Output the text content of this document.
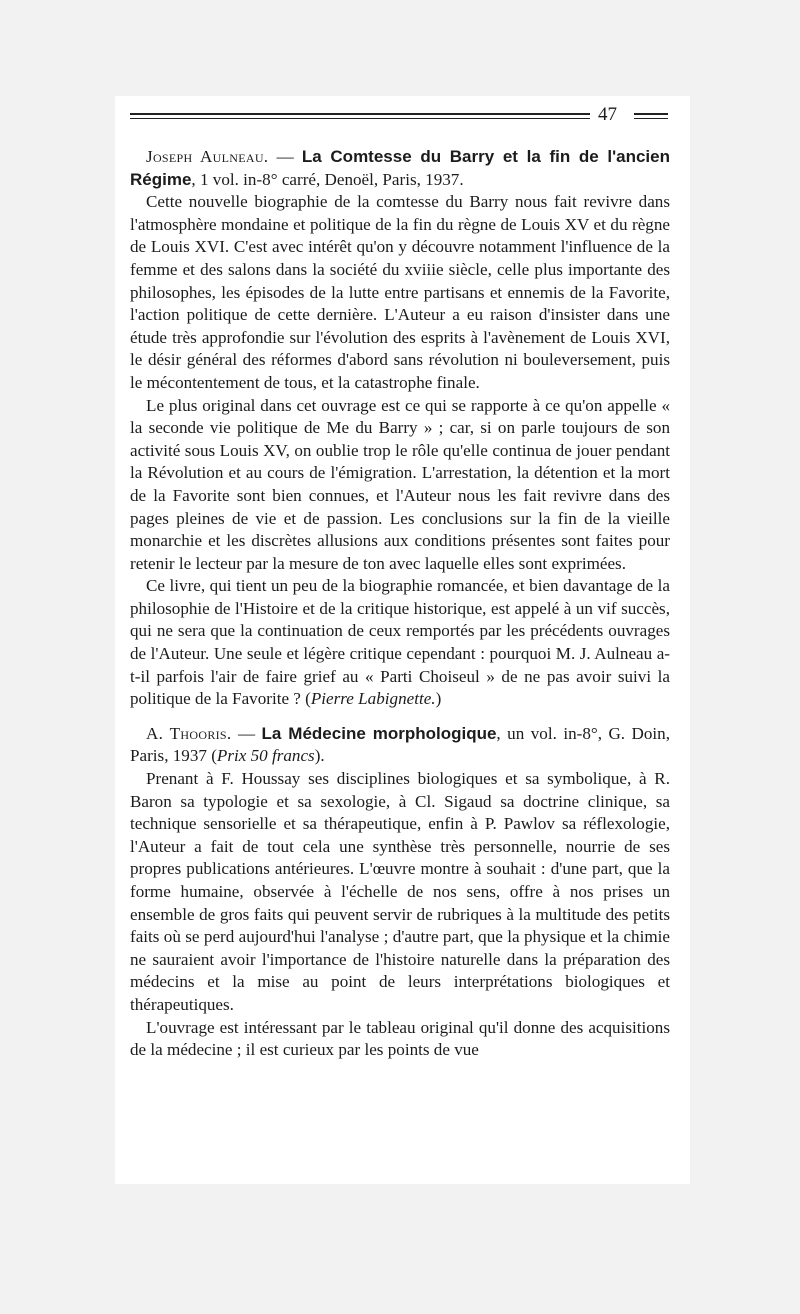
47

Joseph Aulneau. — La Comtesse du Barry et la fin de l'ancien Régime, 1 vol. in-8° carré, Denoël, Paris, 1937.

Cette nouvelle biographie de la comtesse du Barry nous fait revivre dans l'atmosphère mondaine et politique de la fin du règne de Louis XV et du règne de Louis XVI. C'est avec intérêt qu'on y découvre notamment l'influence de la femme et des salons dans la société du xviiie siècle, celle plus importante des philosophes, les épisodes de la lutte entre partisans et ennemis de la Favorite, l'action politique de cette dernière. L'Auteur a eu raison d'insister dans une étude très approfondie sur l'évolution des esprits à l'avènement de Louis XVI, le désir général des réformes d'abord sans révolution ni bouleversement, puis le mécontentement de tous, et la catastrophe finale.

Le plus original dans cet ouvrage est ce qui se rapporte à ce qu'on appelle « la seconde vie politique de Me du Barry » ; car, si on parle toujours de son activité sous Louis XV, on oublie trop le rôle qu'elle continua de jouer pendant la Révolution et au cours de l'émigration. L'arrestation, la détention et la mort de la Favorite sont bien connues, et l'Auteur nous les fait revivre dans des pages pleines de vie et de passion. Les conclusions sur la fin de la vieille monarchie et les discrètes allusions aux conditions présentes sont faites pour retenir le lecteur par la mesure de ton avec laquelle elles sont exprimées.

Ce livre, qui tient un peu de la biographie romancée, et bien davantage de la philosophie de l'Histoire et de la critique historique, est appelé à un vif succès, qui ne sera que la continuation de ceux remportés par les précédents ouvrages de l'Auteur. Une seule et légère critique cependant : pourquoi M. J. Aulneau a-t-il parfois l'air de faire grief au « Parti Choiseul » de ne pas avoir suivi la politique de la Favorite ? (Pierre Labignette.)

A. Thooris. — La Médecine morphologique, un vol. in-8°, G. Doin, Paris, 1937 (Prix 50 francs).

Prenant à F. Houssay ses disciplines biologiques et sa symbolique, à R. Baron sa typologie et sa sexologie, à Cl. Sigaud sa doctrine clinique, sa technique sensorielle et sa thérapeutique, enfin à P. Pawlov sa réflexologie, l'Auteur a fait de tout cela une synthèse très personnelle, nourrie de ses propres publications antérieures. L'œuvre montre à souhait : d'une part, que la forme humaine, observée à l'échelle de nos sens, offre à nos prises un ensemble de gros faits qui peuvent servir de rubriques à la multitude des petits faits où se perd aujourd'hui l'analyse ; d'autre part, que la physique et la chimie ne sauraient avoir l'importance de l'histoire naturelle dans la préparation des médecins et la mise au point de leurs interprétations biologiques et thérapeutiques.

L'ouvrage est intéressant par le tableau original qu'il donne des acquisitions de la médecine ; il est curieux par les points de vue
